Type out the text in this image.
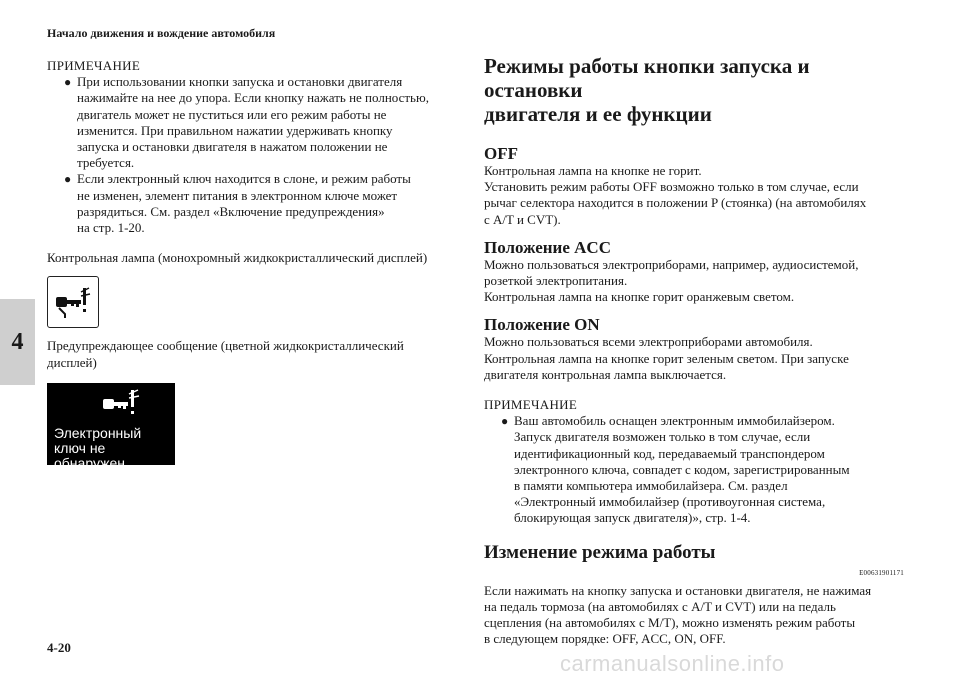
Начало движения и вождение автомобиля
4
4-20
ПРИМЕЧАНИЕ
● При использовании кнопки запуска и остановки двигателя
нажимайте на нее до упора. Если кнопку нажать не полностью,
двигатель может не пуститься или его режим работы не
изменится. При правильном нажатии удерживать кнопку
запуска и остановки двигателя в нажатом положении не
требуется.
● Если электронный ключ находится в слоне, и режим работы
не изменен, элемент питания в электронном ключе может
разрядиться. См. раздел «Включение предупреждения»
на стр. 1-20.
Контрольная лампа (монохромный жидкокристаллический дисплей)
Предупреждающее сообщение (цветной жидкокристаллический
дисплей)
Электронный
ключ не обнаружен
Режимы работы кнопки запуска и остановки
двигателя и ее функции
OFF
Контрольная лампа на кнопке не горит.
Установить режим работы OFF возможно только в том случае, если
рычаг селектора находится в положении P (стоянка) (на автомобилях
с A/T и CVT).
Положение ACC
Можно пользоваться электроприборами, например, аудиосистемой,
розеткой электропитания.
Контрольная лампа на кнопке горит оранжевым светом.
Положение ON
Можно пользоваться всеми электроприборами автомобиля.
Контрольная лампа на кнопке горит зеленым светом. При запуске
двигателя контрольная лампа выключается.
ПРИМЕЧАНИЕ
● Ваш автомобиль оснащен электронным иммобилайзером.
Запуск двигателя возможен только в том случае, если
идентификационный код, передаваемый транспондером
электронного ключа, совпадет с кодом, зарегистрированным
в памяти компьютера иммобилайзера. См. раздел
«Электронный иммобилайзер (противоугонная система,
блокирующая запуск двигателя)», стр. 1-4.
Изменение режима работы
E00631901171
Если нажимать на кнопку запуска и остановки двигателя, не нажимая
на педаль тормоза (на автомобилях с A/T и CVT) или на педаль
сцепления (на автомобилях с M/T), можно изменять режим работы
в следующем порядке: OFF, ACC, ON, OFF.
carmanualsonline.info
